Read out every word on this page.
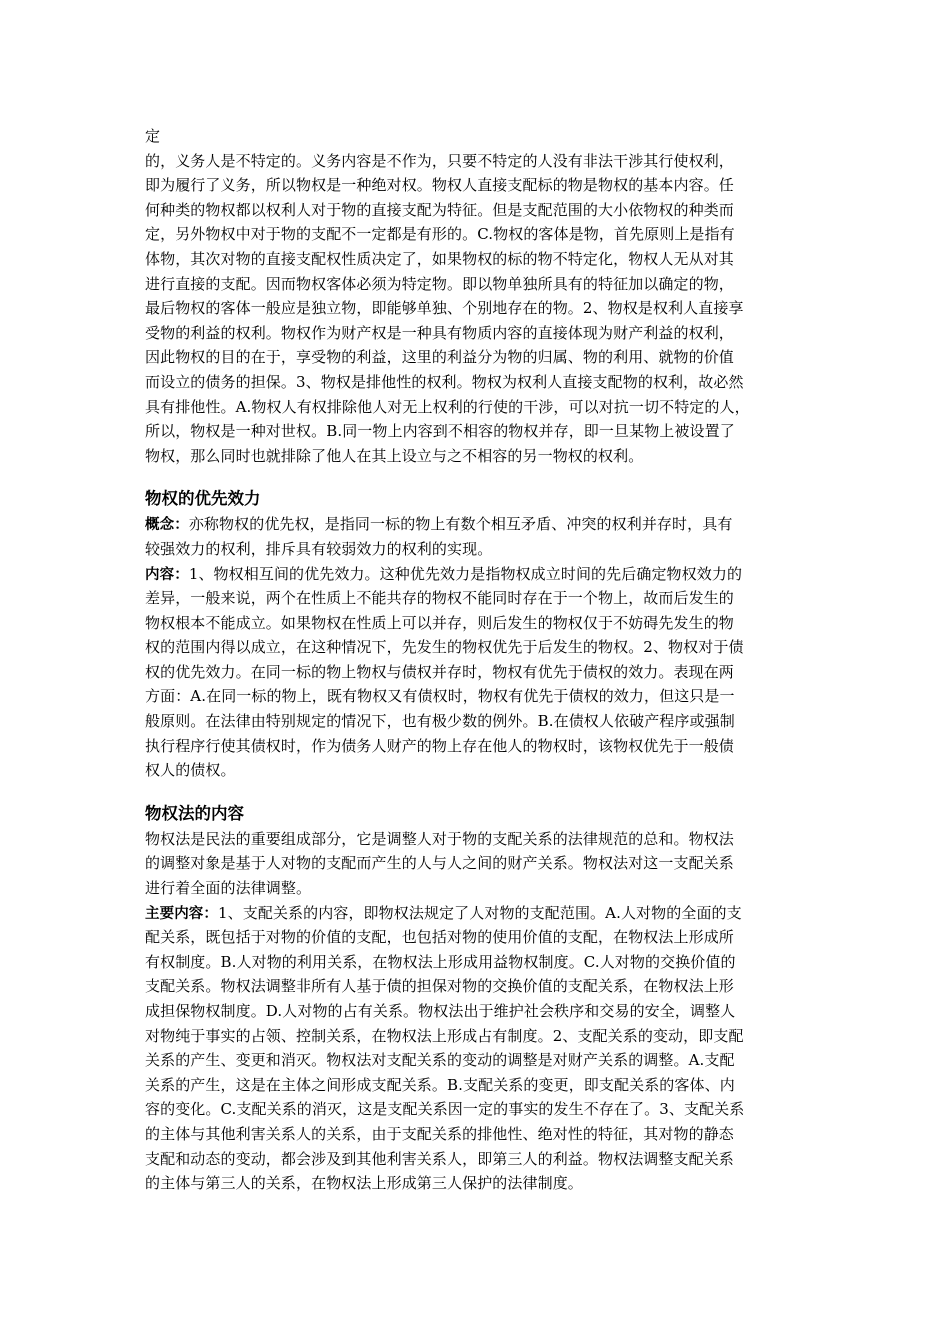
定
的，义务人是不特定的。义务内容是不作为，只要不特定的人没有非法干涉其行使权利，
即为履行了义务，所以物权是一种绝对权。物权人直接支配标的物是物权的基本内容。任
何种类的物权都以权利人对于物的直接支配为特征。但是支配范围的大小依物权的种类而
定，另外物权中对于物的支配不一定都是有形的。C.物权的客体是物，首先原则上是指有
体物，其次对物的直接支配权性质决定了，如果物权的标的物不特定化，物权人无从对其
进行直接的支配。因而物权客体必须为特定物。即以物单独所具有的特征加以确定的物，
最后物权的客体一般应是独立物，即能够单独、个别地存在的物。2、物权是权利人直接享
受物的利益的权利。物权作为财产权是一种具有物质内容的直接体现为财产利益的权利，
因此物权的目的在于，享受物的利益，这里的利益分为物的归属、物的利用、就物的价值
而设立的债务的担保。3、物权是排他性的权利。物权为权利人直接支配物的权利，故必然
具有排他性。A.物权人有权排除他人对无上权利的行使的干涉，可以对抗一切不特定的人，
所以，物权是一种对世权。B.同一物上内容到不相容的物权并存，即一旦某物上被设置了
物权，那么同时也就排除了他人在其上设立与之不相容的另一物权的权利。
物权的优先效力
概念：亦称物权的优先权，是指同一标的物上有数个相互矛盾、冲突的权利并存时，具有
较强效力的权利，排斥具有较弱效力的权利的实现。
内容：1、物权相互间的优先效力。这种优先效力是指物权成立时间的先后确定物权效力的
差异，一般来说，两个在性质上不能共存的物权不能同时存在于一个物上，故而后发生的
物权根本不能成立。如果物权在性质上可以并存，则后发生的物权仅于不妨碍先发生的物
权的范围内得以成立，在这种情况下，先发生的物权优先于后发生的物权。2、物权对于债
权的优先效力。在同一标的物上物权与债权并存时，物权有优先于债权的效力。表现在两
方面：A.在同一标的物上，既有物权又有债权时，物权有优先于债权的效力，但这只是一
般原则。在法律由特别规定的情况下，也有极少数的例外。B.在债权人依破产程序或强制
执行程序行使其债权时，作为债务人财产的物上存在他人的物权时，该物权优先于一般债
权人的债权。
物权法的内容
物权法是民法的重要组成部分，它是调整人对于物的支配关系的法律规范的总和。物权法
的调整对象是基于人对物的支配而产生的人与人之间的财产关系。物权法对这一支配关系
进行着全面的法律调整。
主要内容：1、支配关系的内容，即物权法规定了人对物的支配范围。A.人对物的全面的支
配关系，既包括于对物的价值的支配，也包括对物的使用价值的支配，在物权法上形成所
有权制度。B.人对物的利用关系，在物权法上形成用益物权制度。C.人对物的交换价值的
支配关系。物权法调整非所有人基于债的担保对物的交换价值的支配关系，在物权法上形
成担保物权制度。D.人对物的占有关系。物权法出于维护社会秩序和交易的安全，调整人
对物纯于事实的占领、控制关系，在物权法上形成占有制度。2、支配关系的变动，即支配
关系的产生、变更和消灭。物权法对支配关系的变动的调整是对财产关系的调整。A.支配
关系的产生，这是在主体之间形成支配关系。B.支配关系的变更，即支配关系的客体、内
容的变化。C.支配关系的消灭，这是支配关系因一定的事实的发生不存在了。3、支配关系
的主体与其他利害关系人的关系，由于支配关系的排他性、绝对性的特征，其对物的静态
支配和动态的变动，都会涉及到其他利害关系人，即第三人的利益。物权法调整支配关系
的主体与第三人的关系，在物权法上形成第三人保护的法律制度。
